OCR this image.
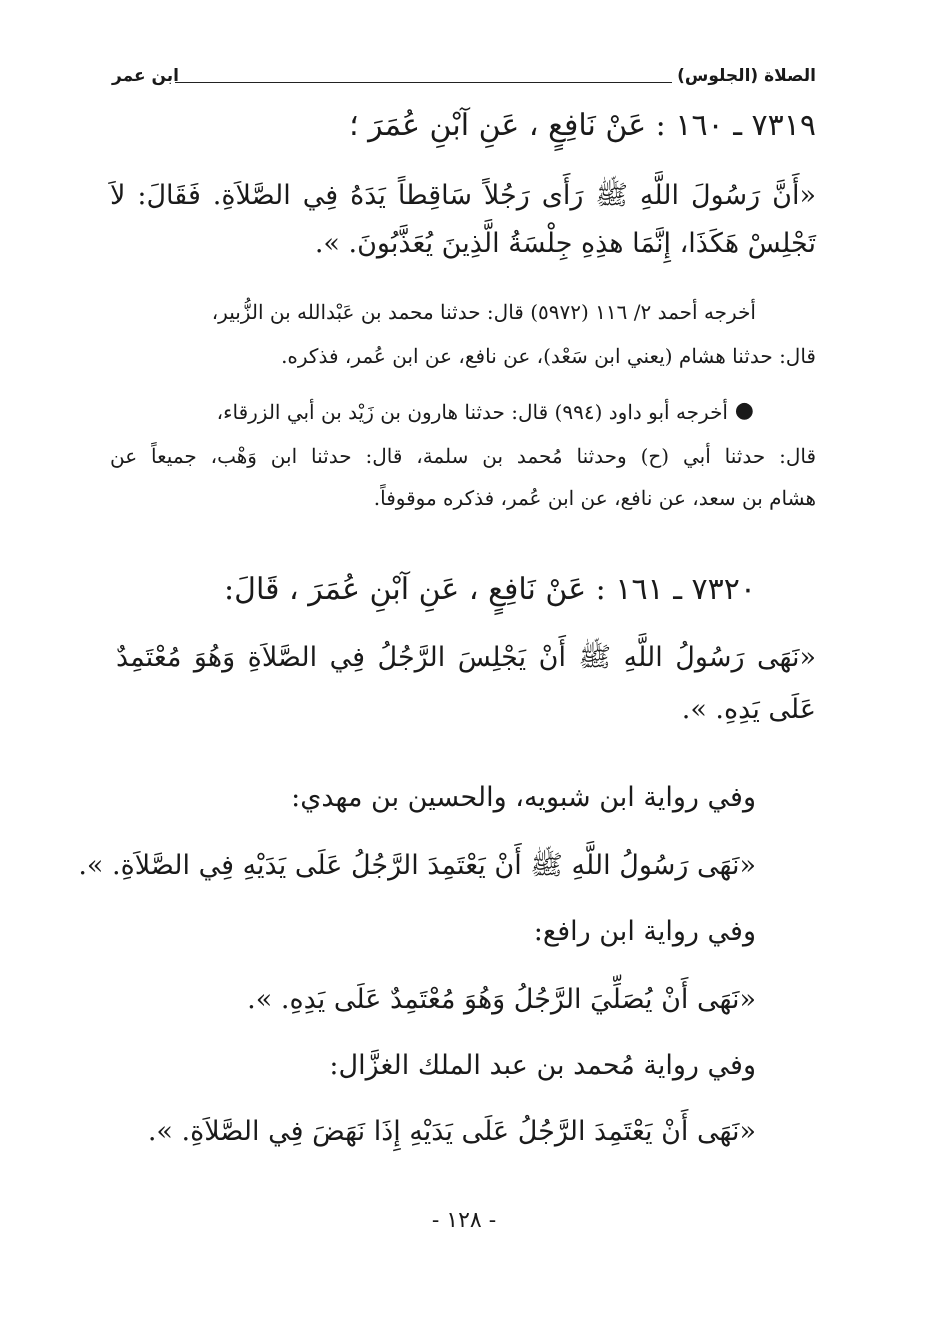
الصلاة (الجلوس)
ابن عمر
٧٣١٩ ـ ١٦٠ : عَنْ نَافِعٍ ، عَنِ آبْنِ عُمَرَ ؛
«أَنَّ رَسُولَ اللَّهِ ﷺ رَأَى رَجُلاً سَاقِطاً يَدَهُ فِي الصَّلاَةِ. فَقَالَ: لاَ
تَجْلِسْ هَكَذَا، إِنَّمَا هذِهِ جِلْسَةُ الَّذِينَ يُعَذَّبُونَ. ».
أخرجه أحمد ٢/ ١١٦ (٥٩٧٢) قال: حدثنا محمد بن عَبْدالله بن الزُّبير،
قال: حدثنا هشام (يعني ابن سَعْد)، عن نافع، عن ابن عُمر، فذكره.
●
أخرجه أبو داود (٩٩٤) قال: حدثنا هارون بن زَيْد بن أبي الزرقاء،
قال: حدثنا أبي (ح) وحدثنا مُحمد بن سلمة، قال: حدثنا ابن وَهْب، جميعاً عن
هشام بن سعد، عن نافع، عن ابن عُمر، فذكره موقوفاً.
٧٣٢٠ ـ ١٦١ : عَنْ نَافِعٍ ، عَنِ آبْنِ عُمَرَ ، قَالَ:
«نَهَى رَسُولُ اللَّهِ ﷺ أَنْ يَجْلِسَ الرَّجُلُ فِي الصَّلاَةِ وَهُوَ مُعْتَمِدٌ
عَلَى يَدِهِ. ».
وفي رواية ابن شبويه، والحسين بن مهدي:
«نَهَى رَسُولُ اللَّهِ ﷺ أَنْ يَعْتَمِدَ الرَّجُلُ عَلَى يَدَيْهِ فِي الصَّلاَةِ. ».
وفي رواية ابن رافع:
«نَهَى أَنْ يُصَلِّيَ الرَّجُلُ وَهُوَ مُعْتَمِدٌ عَلَى يَدِهِ. ».
وفي رواية مُحمد بن عبد الملك الغزَّال:
«نَهَى أَنْ يَعْتَمِدَ الرَّجُلُ عَلَى يَدَيْهِ إِذَا نَهَضَ فِي الصَّلاَةِ. ».
- ١٢٨ -
